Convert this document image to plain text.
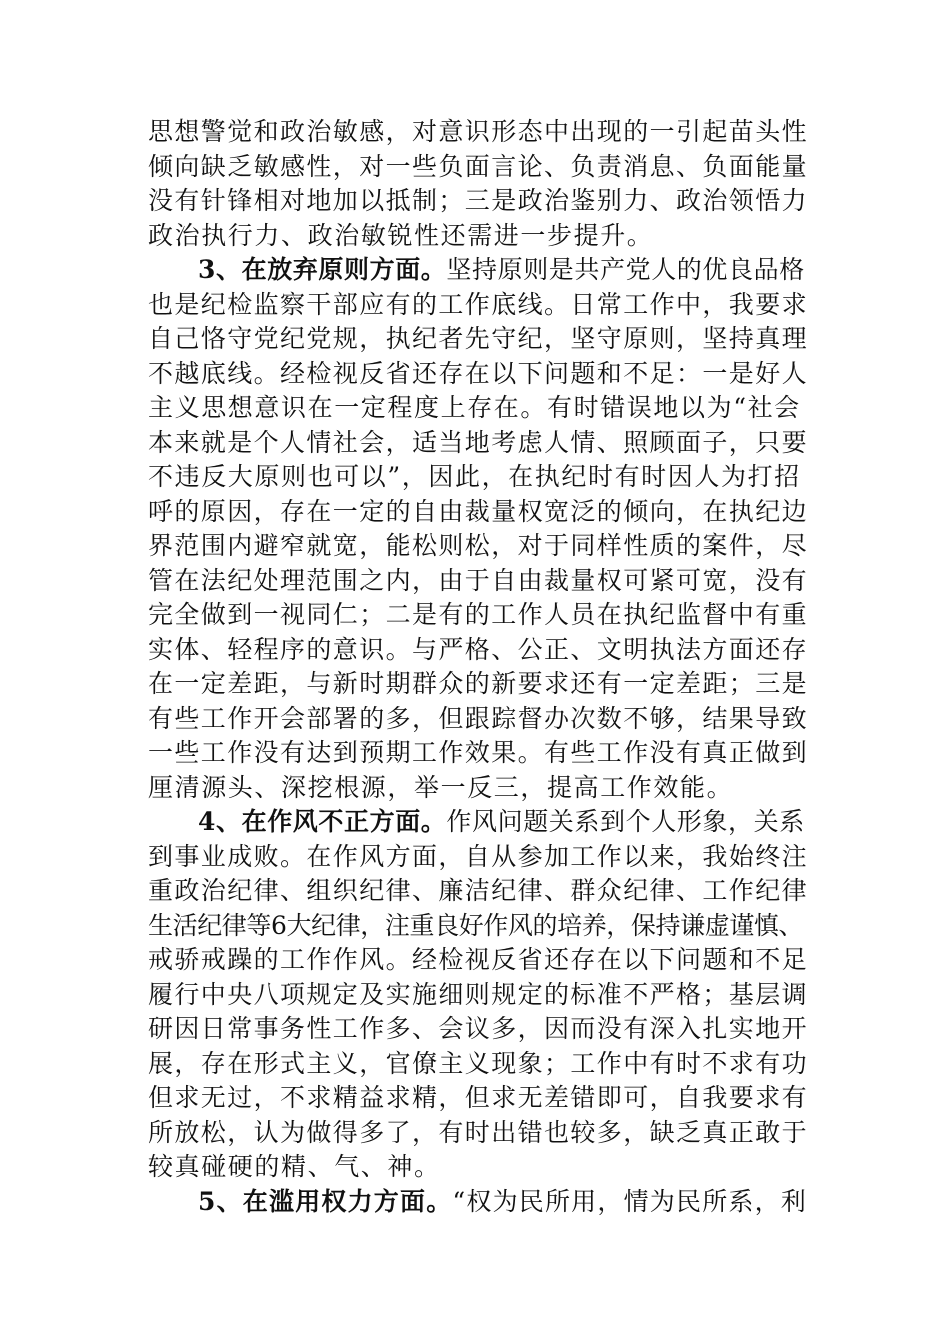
思想警觉和政治敏感，对意识形态中出现的一引起苗头性
倾向缺乏敏感性，对一些负面言论、负责消息、负面能量
没有针锋相对地加以抵制；三是政治鉴别力、政治领悟力
政治执行力、政治敏锐性还需进一步提升。
3、在放弃原则方面。坚持原则是共产党人的优良品格
也是纪检监察干部应有的工作底线。日常工作中，我要求
自己恪守党纪党规，执纪者先守纪，坚守原则，坚持真理
不越底线。经检视反省还存在以下问题和不足：一是好人
主义思想意识在一定程度上存在。有时错误地以为“社会
本来就是个人情社会，适当地考虑人情、照顾面子，只要
不违反大原则也可以”，因此，在执纪时有时因人为打招
呼的原因，存在一定的自由裁量权宽泛的倾向，在执纪边
界范围内避窄就宽，能松则松，对于同样性质的案件，尽
管在法纪处理范围之内，由于自由裁量权可紧可宽，没有
完全做到一视同仁；二是有的工作人员在执纪监督中有重
实体、轻程序的意识。与严格、公正、文明执法方面还存
在一定差距，与新时期群众的新要求还有一定差距；三是
有些工作开会部署的多，但跟踪督办次数不够，结果导致
一些工作没有达到预期工作效果。有些工作没有真正做到
厘清源头、深挖根源，举一反三，提高工作效能。
4、在作风不正方面。作风问题关系到个人形象，关系
到事业成败。在作风方面，自从参加工作以来，我始终注
重政治纪律、组织纪律、廉洁纪律、群众纪律、工作纪律
生活纪律等6大纪律，注重良好作风的培养，保持谦虚谨慎、
戒骄戒躁的工作作风。经检视反省还存在以下问题和不足
履行中央八项规定及实施细则规定的标准不严格；基层调
研因日常事务性工作多、会议多，因而没有深入扎实地开
展，存在形式主义，官僚主义现象；工作中有时不求有功
但求无过，不求精益求精，但求无差错即可，自我要求有
所放松，认为做得多了，有时出错也较多，缺乏真正敢于
较真碰硬的精、气、神。
5、在滥用权力方面。“权为民所用，情为民所系，利
